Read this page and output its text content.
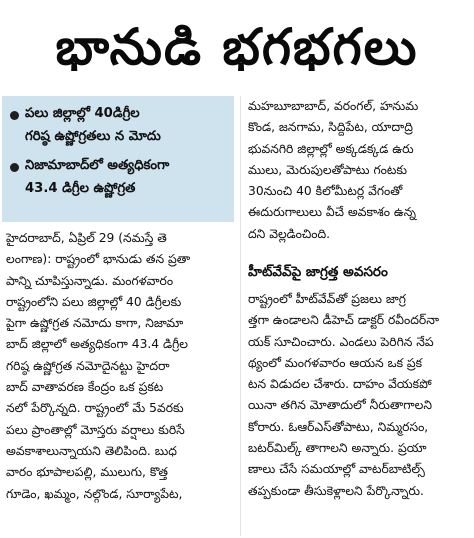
భానుడి భగభగలు
పలు జిల్లాల్లో 40డిగ్రీల
గరిష్ఠ ఉష్ణోగ్రతలు న మోదు
నిజామాబాద్‌లో అత్యధికంగా
43.4 డిగ్రీల ఉష్ణోగ్రత
హైదరాబాద్, ఏప్రిల్ 29 (నమస్తే తె
లంగాణ): రాష్ట్రంలో భానుడు తన ప్రతా
పాన్ని చూపిస్తున్నాడు. మంగళవారం
రాష్ట్రంలోని పలు జిల్లాల్లో 40 డిగ్రీలకు
పైగా ఉష్ణోగ్రత నమోదు కాగా, నిజామా
బాద్ జిల్లాలో అత్యధికంగా 43.4 డిగ్రీల
గరిష్ఠ ఉష్ణోగ్రత నమోదైనట్టు హైదరా
బాద్ వాతావరణ కేంద్రం ఒక ప్రకట
నలో పేర్కొన్నది. రాష్ట్రంలో మే 5వరకు
పలు ప్రాంతాల్లో మోస్తరు వర్షాలు కురిసే
అవకాశాలున్నాయని తెలిపింది. బుధ
వారం భూపాలపల్లి, ములుగు, కొత్త
గూడెం, ఖమ్మం, నల్గొండ, సూర్యాపేట,
మహబూబాబాద్, వరంగల్, హనుమ
కొండ, జనగామ, సిద్దిపేట, యాదాద్రి
భువనగిరి జిల్లాల్లో అక్కడక్కడ ఉరు
ములు, మెరుపులతోపాటు గంటకు
30నుంచి 40 కిలోమీటర్ల వేగంతో
ఈదురుగాలులు వీచే అవకాశం ఉన్న
దని వెల్లడించింది.
హీట్‌వేవ్‌పై జాగ్రత్త అవసరం
రాష్ట్రంలో హీట్‌వేవ్‌తో ప్రజలు జాగ్ర
త్తగా ఉండాలని డీహెచ్ డాక్టర్ రవీందర్‌నా
యక్ సూచించారు. ఎండలు పెరిగిన నేప
థ్యంలో మంగళవారం ఆయన ఒక ప్రక
టన విడుదల చేశారు. దాహం వేయకపో
యినా తగిన మోతాదులో నీరుతాగాలని
కోరారు. ఓఆర్ఎస్‌తోపాటు, నిమ్మరసం,
బటర్‌మిల్క్ తాగాలని అన్నారు. ప్రయా
ణాలు చేసే సమయాల్లో వాటర్‌బాటిల్స్
తప్పకుండా తీసుకెళ్లాలని పేర్కొన్నారు.
